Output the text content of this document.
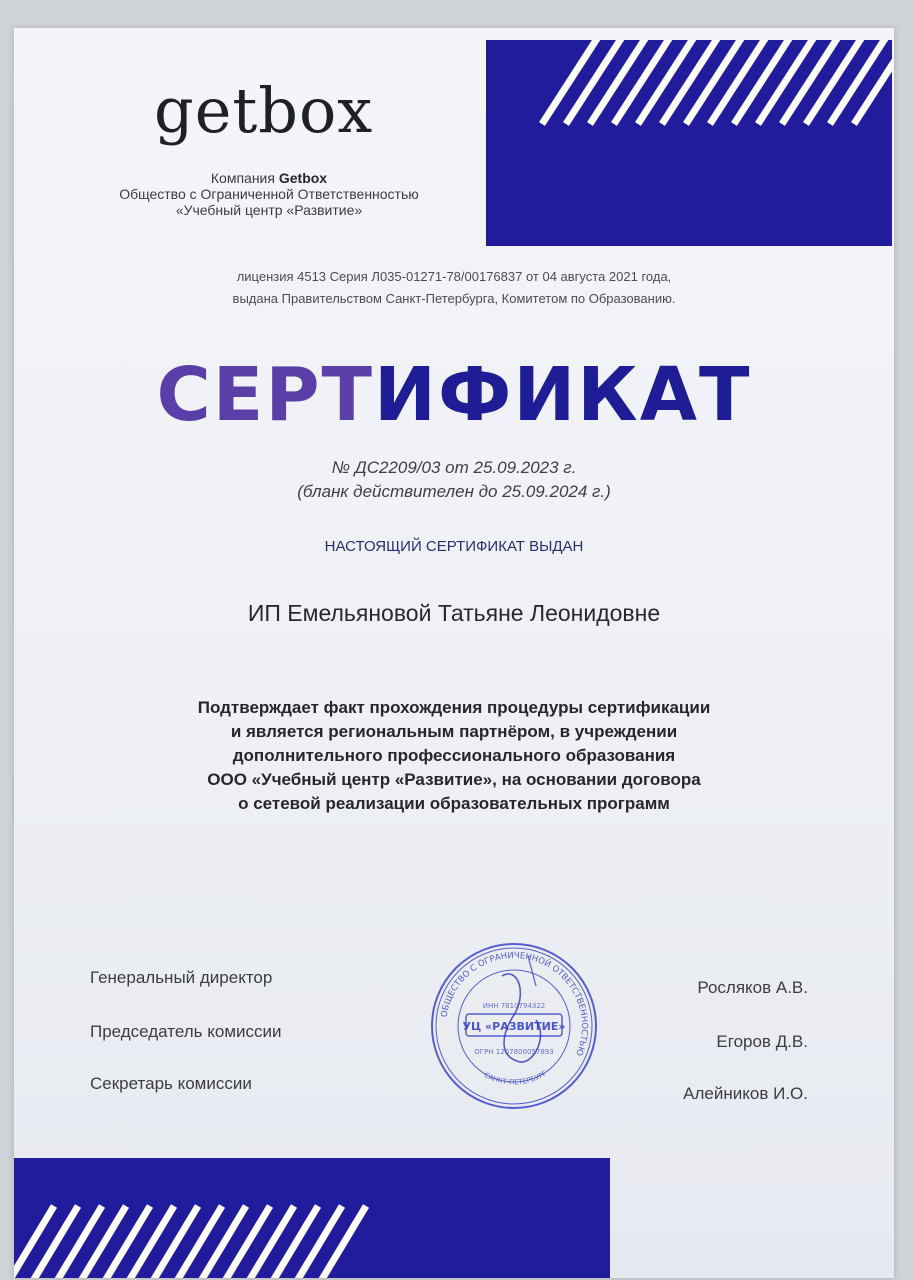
getbox
Компания Getbox
Общество с Ограниченной Ответственностью
«Учебный центр «Развитие»
лицензия 4513 Серия Л035-01271-78/00176837 от 04 августа 2021 года,
выдана Правительством Санкт-Петербурга, Комитетом по Образованию.
СЕРТИФИКАТ
№ ДС2209/03 от 25.09.2023 г.
(бланк действителен до 25.09.2024 г.)
НАСТОЯЩИЙ СЕРТИФИКАТ ВЫДАН
ИП Емельяновой Татьяне Леонидовне
Подтверждает факт прохождения процедуры сертификации
и является региональным партнёром, в учреждении
дополнительного профессионального образования
ООО «Учебный центр «Развитие», на основании договора
о сетевой реализации образовательных программ
Генеральный директор
Председатель комиссии
Секретарь комиссии
Росляков А.В.
Егоров Д.В.
Алейников И.О.
ОБЩЕСТВО С ОГРАНИЧЕННОЙ ОТВЕТСТВЕННОСТЬЮ
УЦ «РАЗВИТИЕ»
ИНН 7810794322
ОГРН 1207800057893
САНКТ-ПЕТЕРБУРГ
